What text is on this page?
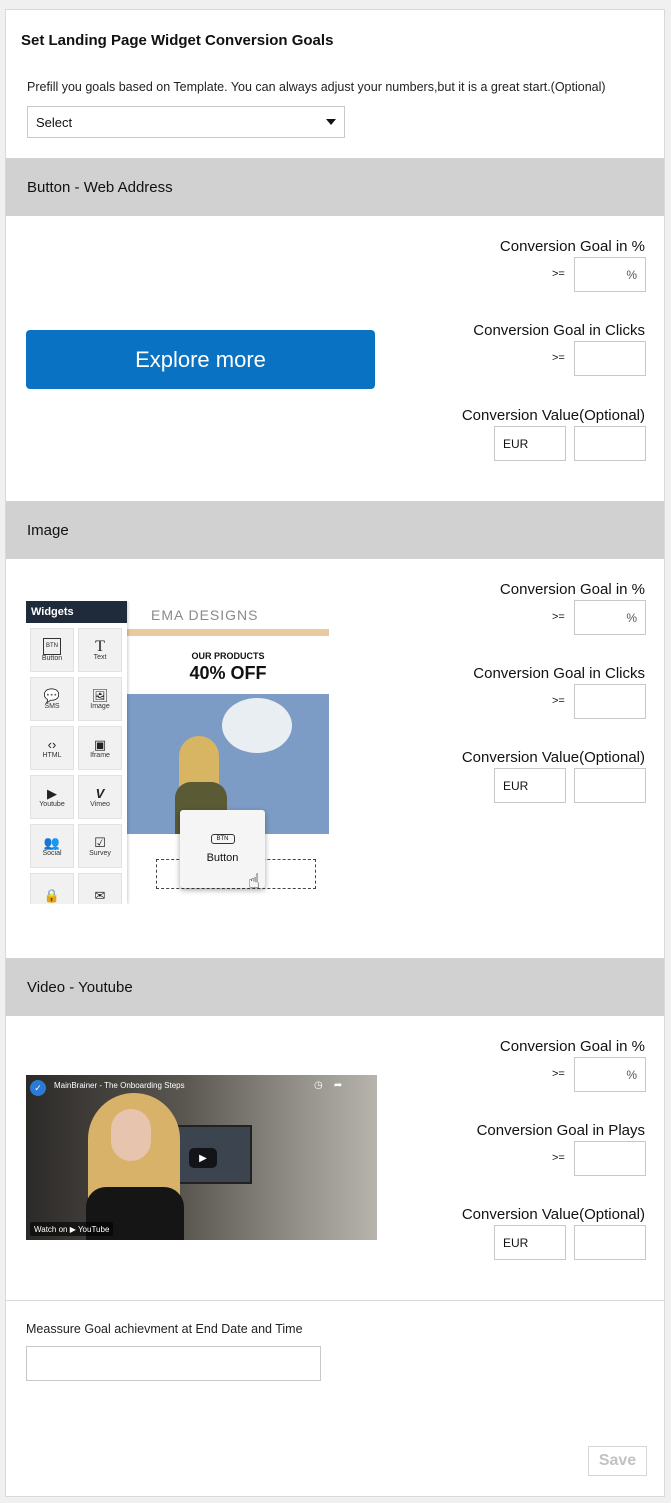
Set Landing Page Widget Conversion Goals
Prefill you goals based on Template. You can always adjust your numbers,but it is a great start.(Optional)
Select
Button - Web Address
Explore more
Conversion Goal in %
>=	%
Conversion Goal in Clicks
>=
Conversion Value(Optional)
EUR
Image
EMA DESIGNS
OUR PRODUCTS
40% OFF
BTN
Button
☝
Widgets
BTN
Button
T
Text
💬
SMS
🖼
Image
‹›
HTML
▣
Iframe
▶
Youtube
V
Vimeo
👥
Social
☑
Survey
🔒	✉
Conversion Goal in %
>=	%
Conversion Goal in Clicks
>=
Conversion Value(Optional)
EUR
Video - Youtube
✓	MainBrainer - The Onboarding Steps	◷    ➦
▶
Watch on ▶ YouTube
Conversion Goal in %
>=	%
Conversion Goal in Plays
>=
Conversion Value(Optional)
EUR
Meassure Goal achievment at End Date and Time
Save
